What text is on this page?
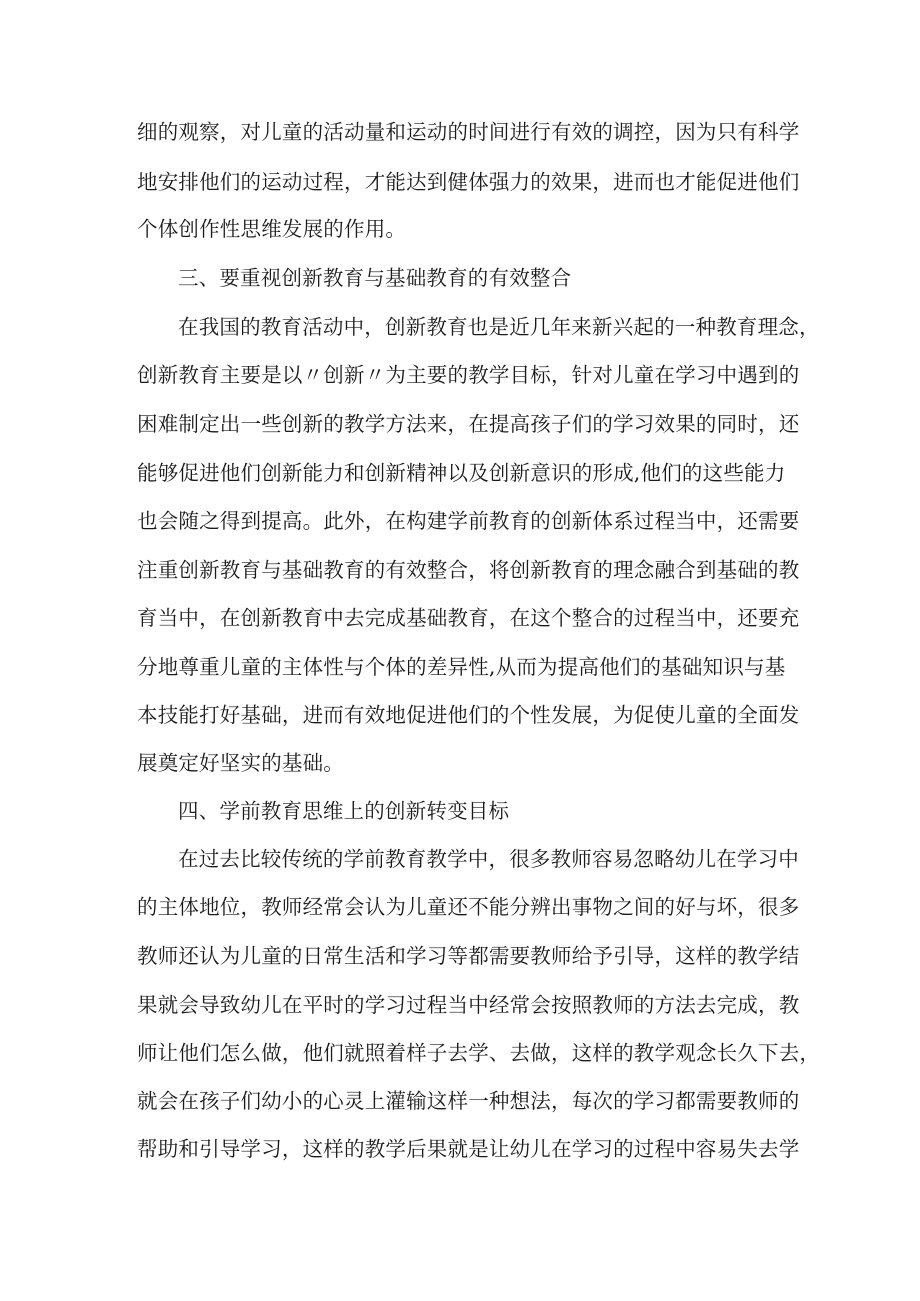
细的观察，对儿童的活动量和运动的时间进行有效的调控，因为只有科学
地安排他们的运动过程，才能达到健体强力的效果，进而也才能促进他们
个体创作性思维发展的作用。
三、要重视创新教育与基础教育的有效整合
在我国的教育活动中，创新教育也是近几年来新兴起的一种教育理念，
创新教育主要是以〃创新〃为主要的教学目标，针对儿童在学习中遇到的
困难制定出一些创新的教学方法来，在提高孩子们的学习效果的同时，还
能够促进他们创新能力和创新精神以及创新意识的形成,他们的这些能力
也会随之得到提高。此外，在构建学前教育的创新体系过程当中，还需要
注重创新教育与基础教育的有效整合，将创新教育的理念融合到基础的教
育当中，在创新教育中去完成基础教育，在这个整合的过程当中，还要充
分地尊重儿童的主体性与个体的差异性,从而为提高他们的基础知识与基
本技能打好基础，进而有效地促进他们的个性发展，为促使儿童的全面发
展奠定好坚实的基础。
四、学前教育思维上的创新转变目标
在过去比较传统的学前教育教学中，很多教师容易忽略幼儿在学习中
的主体地位，教师经常会认为儿童还不能分辨出事物之间的好与坏，很多
教师还认为儿童的日常生活和学习等都需要教师给予引导，这样的教学结
果就会导致幼儿在平时的学习过程当中经常会按照教师的方法去完成，教
师让他们怎么做，他们就照着样子去学、去做，这样的教学观念长久下去，
就会在孩子们幼小的心灵上灌输这样一种想法，每次的学习都需要教师的
帮助和引导学习，这样的教学后果就是让幼儿在学习的过程中容易失去学
